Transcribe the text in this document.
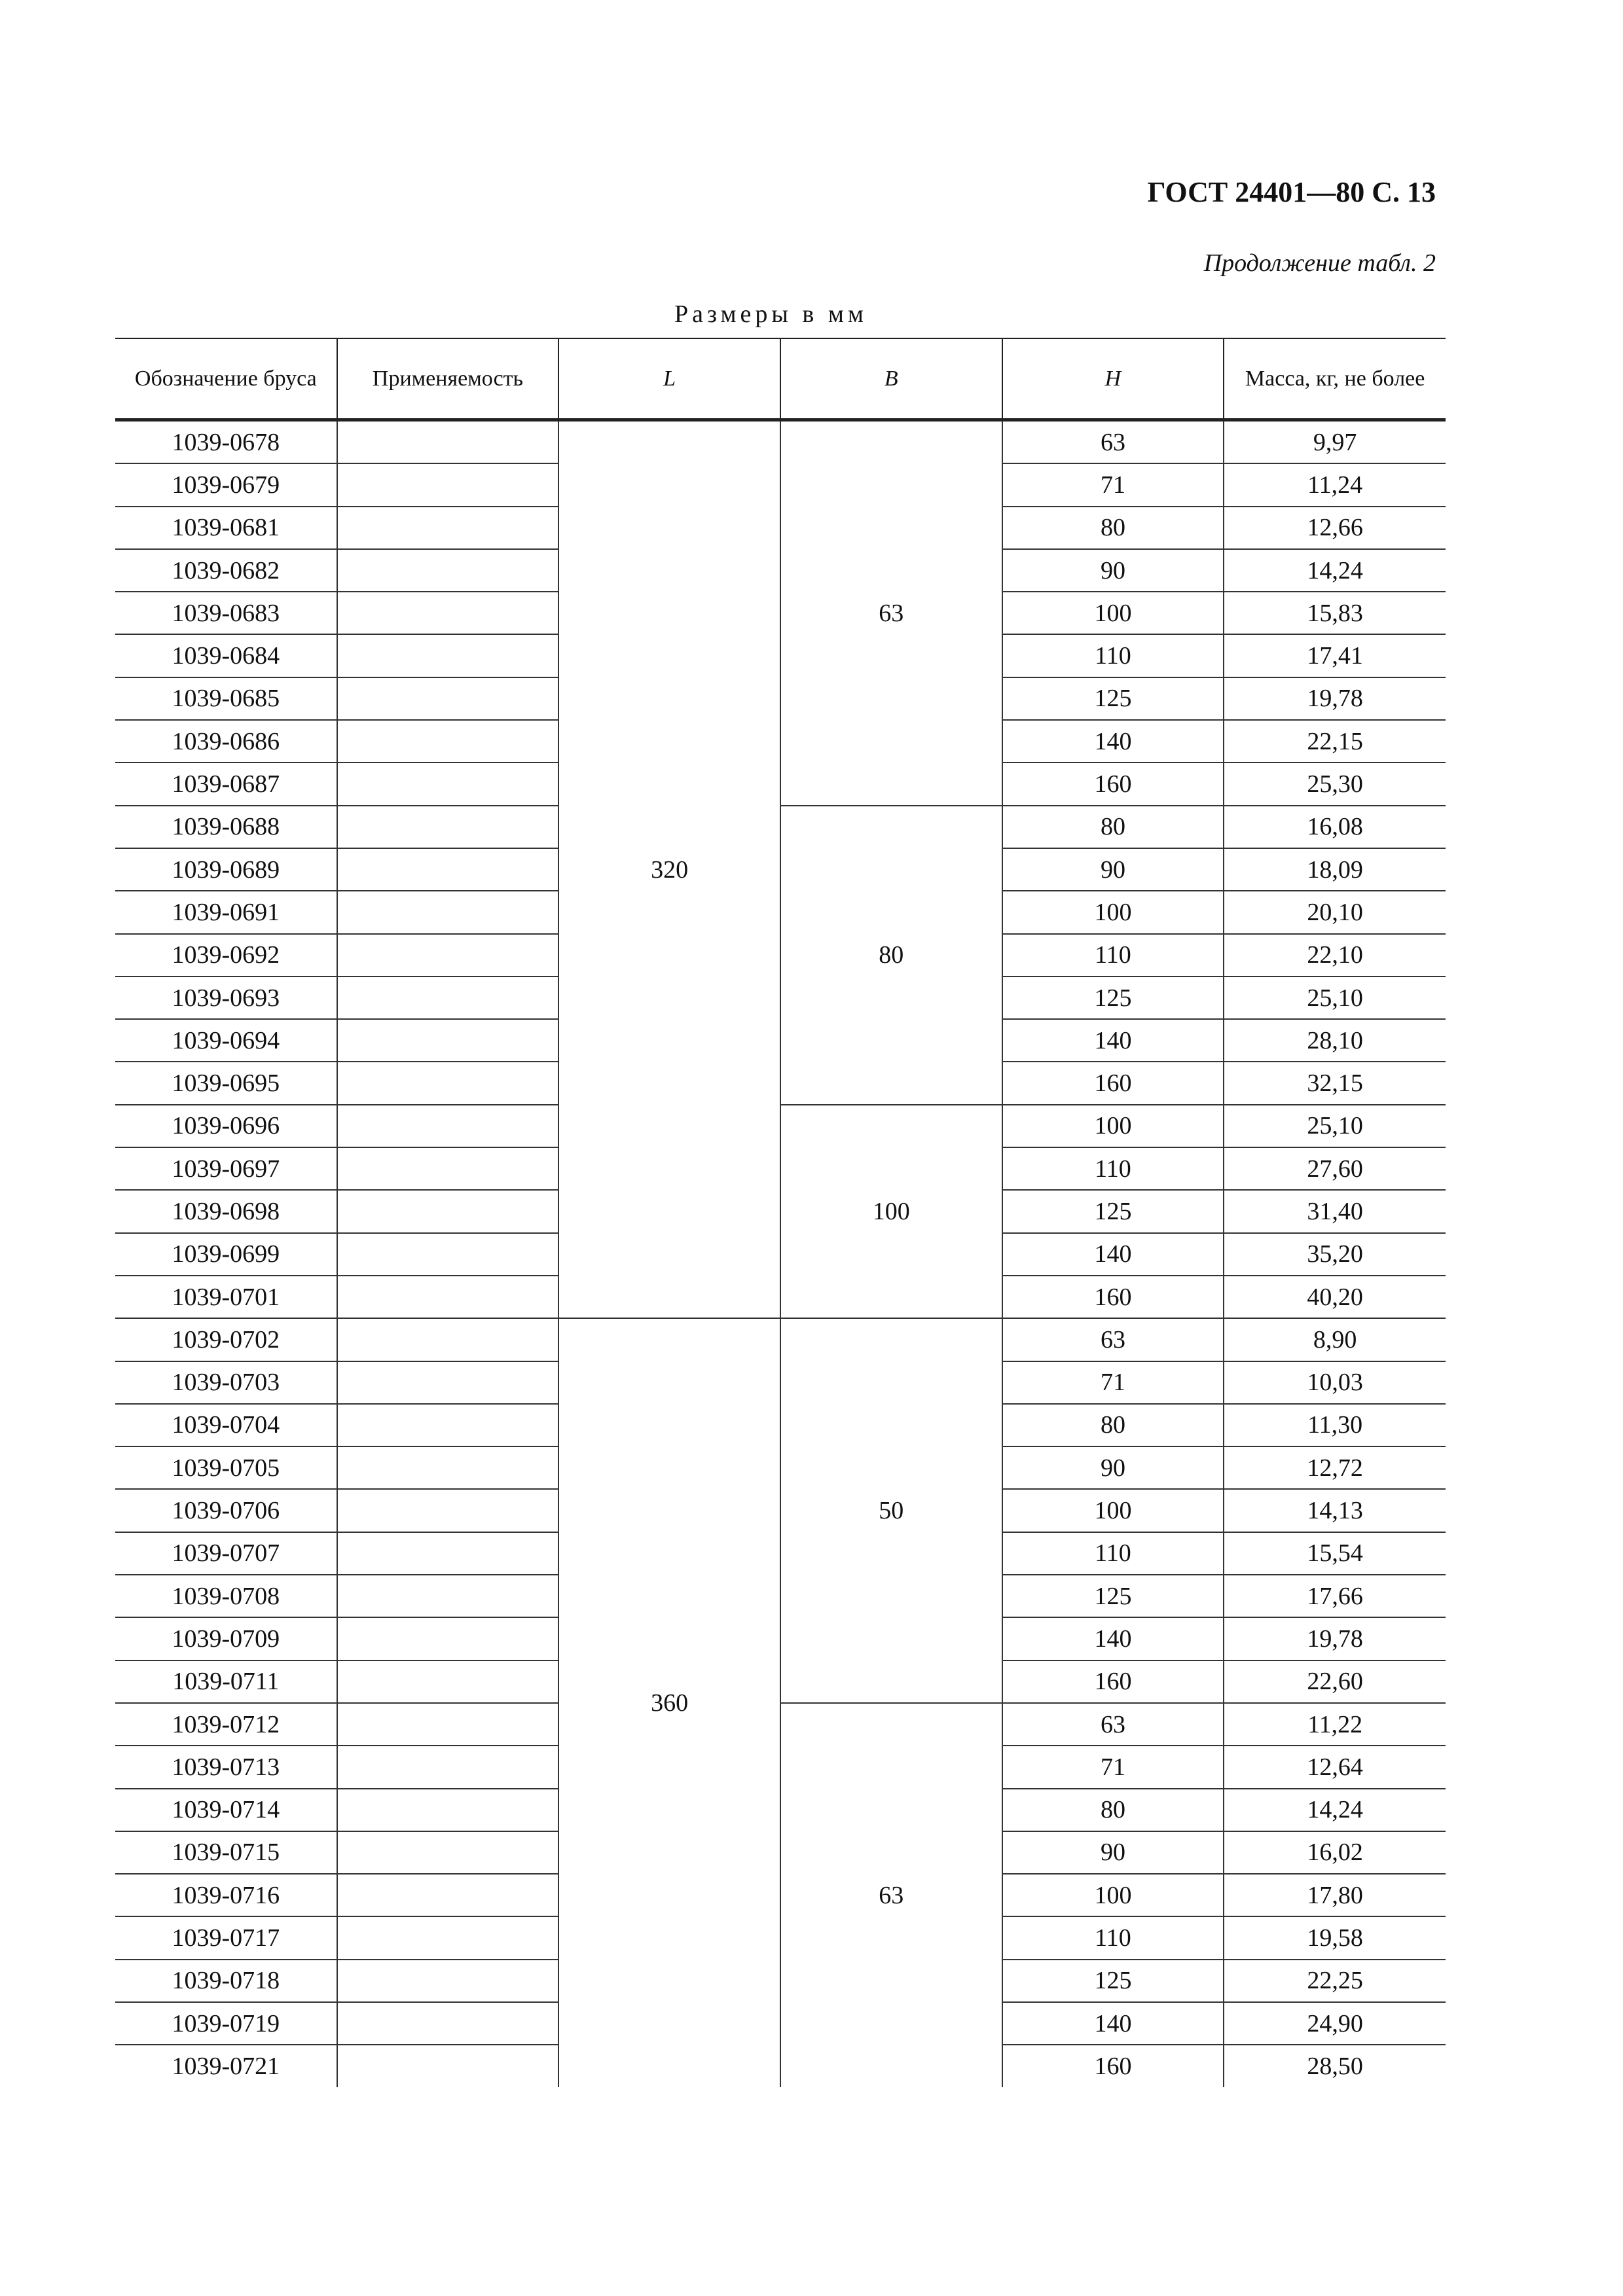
ГОСТ 24401—80 С. 13
Продолжение табл. 2
Размеры в мм
Обозначение бруса	Применяемость	L	B	H	Масса, кг, не более
1039-0678		320	63	63	9,97
1039-0679				71	11,24
1039-0681				80	12,66
1039-0682				90	14,24
1039-0683				100	15,83
1039-0684				110	17,41
1039-0685				125	19,78
1039-0686				140	22,15
1039-0687				160	25,30
1039-0688			80	80	16,08
1039-0689				90	18,09
1039-0691				100	20,10
1039-0692				110	22,10
1039-0693				125	25,10
1039-0694				140	28,10
1039-0695				160	32,15
1039-0696			100	100	25,10
1039-0697				110	27,60
1039-0698				125	31,40
1039-0699				140	35,20
1039-0701				160	40,20
1039-0702		360	50	63	8,90
1039-0703				71	10,03
1039-0704				80	11,30
1039-0705				90	12,72
1039-0706				100	14,13
1039-0707				110	15,54
1039-0708				125	17,66
1039-0709				140	19,78
1039-0711				160	22,60
1039-0712			63	63	11,22
1039-0713				71	12,64
1039-0714				80	14,24
1039-0715				90	16,02
1039-0716				100	17,80
1039-0717				110	19,58
1039-0718				125	22,25
1039-0719				140	24,90
1039-0721				160	28,50
